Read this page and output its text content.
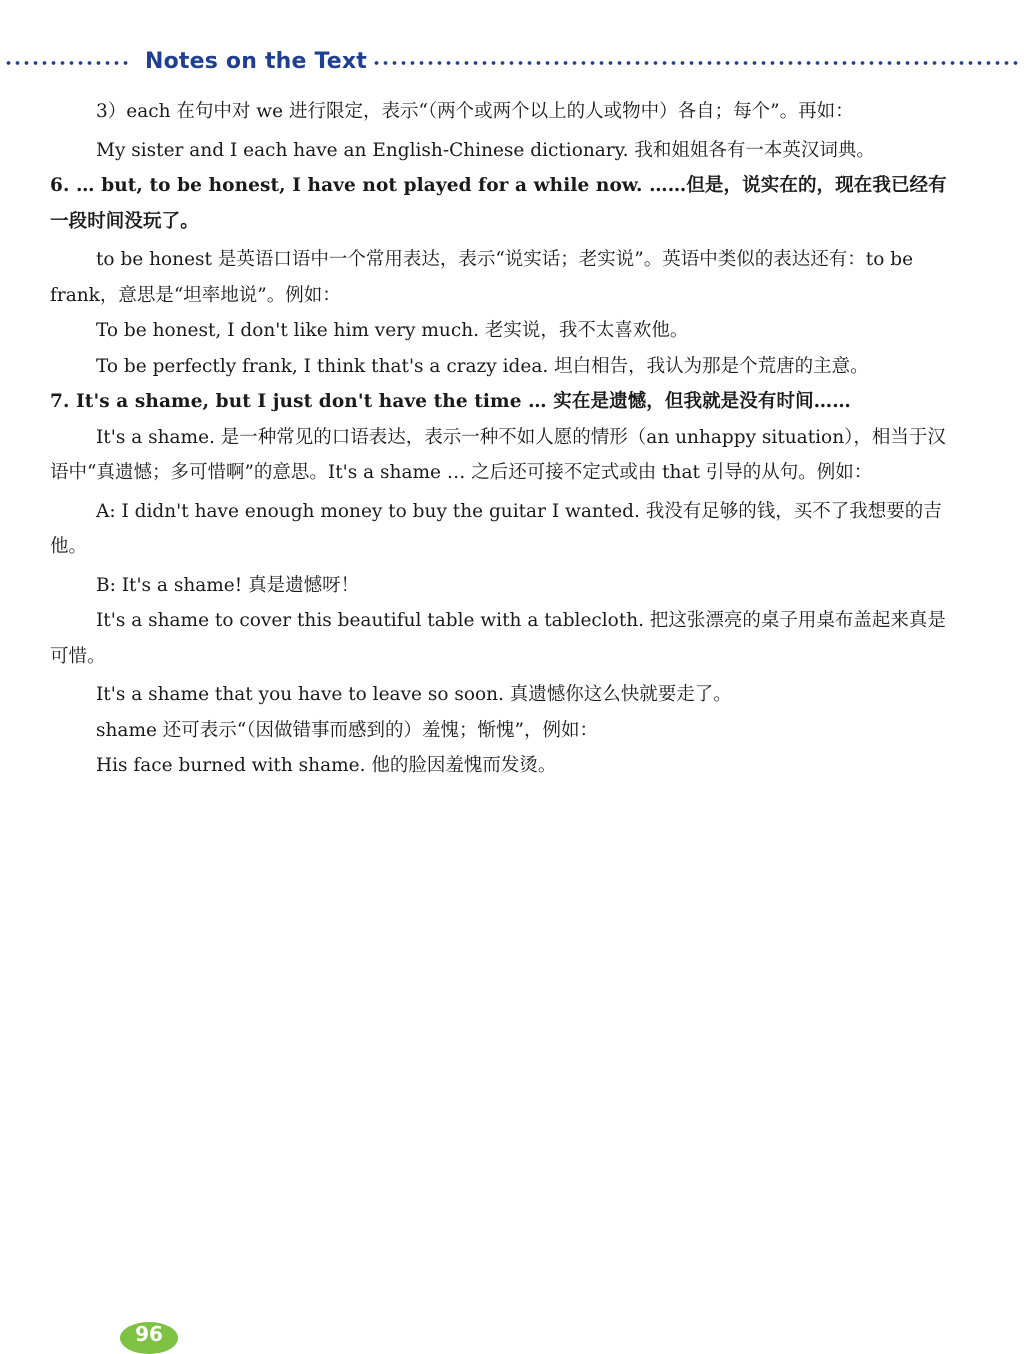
Notes on the Text

3）each 在句中对 we 进行限定，表示“（两个或两个以上的人或物中）各自；每个”。再如：

My sister and I each have an English-Chinese dictionary. 我和姐姐各有一本英汉词典。

6. … but, to be honest, I have not played for a while now. ……但是，说实在的，现在我已经有一段时间没玩了。

to be honest 是英语口语中一个常用表达，表示“说实话；老实说”。英语中类似的表达还有：to be frank，意思是“坦率地说”。例如：

To be honest, I don't like him very much. 老实说，我不太喜欢他。

To be perfectly frank, I think that's a crazy idea. 坦白相告，我认为那是个荒唐的主意。

7. It's a shame, but I just don't have the time … 实在是遗憾，但我就是没有时间……

It's a shame. 是一种常见的口语表达，表示一种不如人愿的情形（an unhappy situation），相当于汉语中“真遗憾；多可惜啊”的意思。It's a shame … 之后还可接不定式或由 that 引导的从句。例如：

A: I didn't have enough money to buy the guitar I wanted. 我没有足够的钱，买不了我想要的吉他。

B: It's a shame! 真是遗憾呀！

It's a shame to cover this beautiful table with a tablecloth. 把这张漂亮的桌子用桌布盖起来真是可惜。

It's a shame that you have to leave so soon. 真遗憾你这么快就要走了。

shame 还可表示“（因做错事而感到的）羞愧；惭愧”，例如：

His face burned with shame. 他的脸因羞愧而发烫。

96
